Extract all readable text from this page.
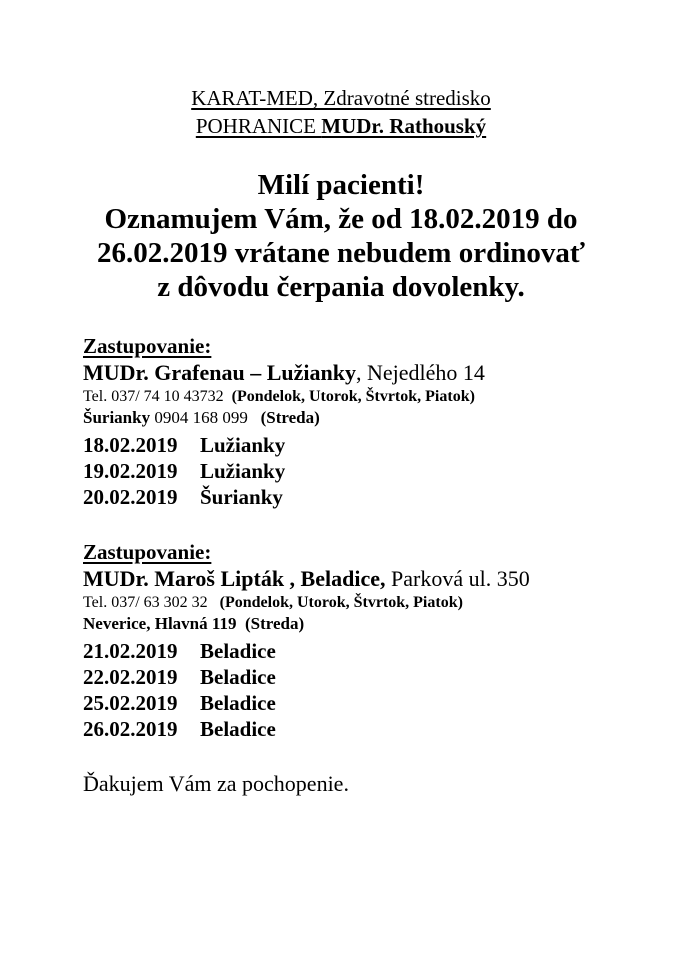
KARAT-MED, Zdravotné stredisko
POHRANICE MUDr. Rathouský
Milí pacienti!
Oznamujem Vám, že od 18.02.2019 do
26.02.2019 vrátane nebudem ordinovať
z dôvodu čerpania dovolenky.
Zastupovanie:
MUDr. Grafenau – Lužianky, Nejedlého 14
Tel. 037/ 74 10 43732  (Pondelok, Utorok, Štvrtok, Piatok)
Šurianky 0904 168 099   (Streda)
18.02.2019	Lužianky
19.02.2019	Lužianky
20.02.2019	Šurianky
Zastupovanie:
MUDr. Maroš Lipták , Beladice, Parková ul. 350
Tel. 037/ 63 302 32   (Pondelok, Utorok, Štvrtok, Piatok)
Neverice, Hlavná 119  (Streda)
21.02.2019	Beladice
22.02.2019	Beladice
25.02.2019	Beladice
26.02.2019	Beladice

Ďakujem Vám za pochopenie.
